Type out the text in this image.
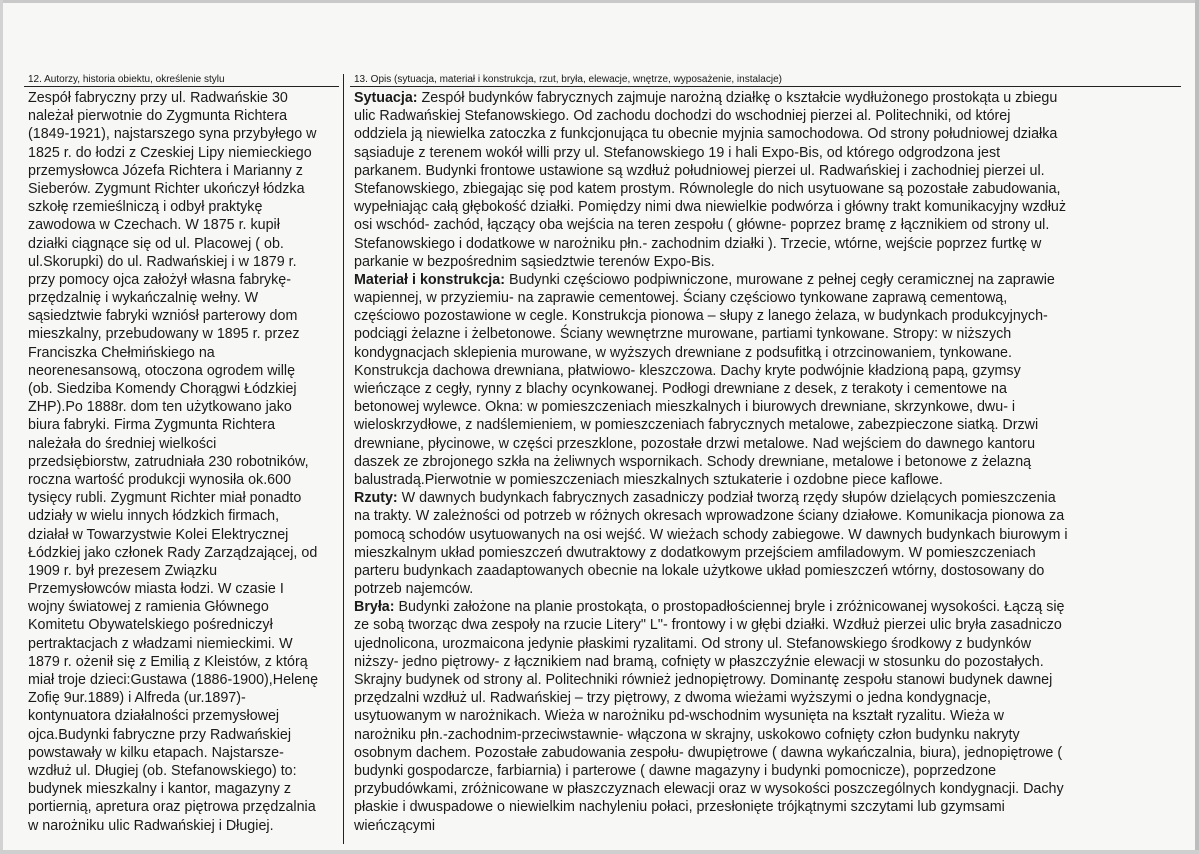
12. Autorzy, historia obiektu, określenie stylu	13. Opis (sytuacja, materiał i konstrukcja, rzut, bryła, elewacje, wnętrze, wyposażenie, instalacje)
Zespół fabryczny przy ul. Radwańskie 30
należał pierwotnie do Zygmunta Richtera
(1849-1921), najstarszego syna przybyłego w
1825 r. do łodzi z Czeskiej Lipy niemieckiego
przemysłowca Józefa Richtera i Marianny z
Sieberów. Zygmunt Richter ukończył łódzka
szkołę rzemieślniczą i odbył praktykę
zawodowa w Czechach. W 1875 r. kupił
działki ciągnące się od ul. Placowej ( ob.
ul.Skorupki) do ul. Radwańskiej i w 1879 r.
przy pomocy ojca założył własna fabrykę-
przędzalnię i wykańczalnię wełny. W
sąsiedztwie fabryki wzniósł parterowy dom
mieszkalny, przebudowany w 1895 r. przez
Franciszka Chełmińskiego na
neorenesansową, otoczona ogrodem willę
(ob. Siedziba Komendy Chorągwi Łódzkiej
ZHP).Po 1888r. dom ten użytkowano jako
biura fabryki. Firma Zygmunta Richtera
należała do średniej wielkości
przedsiębiorstw, zatrudniała 230 robotników,
roczna wartość produkcji wynosiła ok.600
tysięcy rubli. Zygmunt Richter miał ponadto
udziały w wielu innych łódzkich firmach,
działał w Towarzystwie Kolei Elektrycznej
Łódzkiej jako członek Rady Zarządzającej, od
1909 r. był prezesem Związku
Przemysłowców miasta łodzi. W czasie I
wojny światowej z ramienia Głównego
Komitetu Obywatelskiego pośredniczył
pertraktacjach z władzami niemieckimi. W
1879 r. ożenił się z Emilią z Kleistów, z którą
miał troje dzieci:Gustawa (1886-1900),Helenę
Zofię 9ur.1889) i Alfreda (ur.1897)-
kontynuatora działalności przemysłowej
ojca.Budynki fabryczne przy Radwańskiej
powstawały w kilku etapach. Najstarsze-
wzdłuż ul. Długiej (ob. Stefanowskiego) to:
budynek mieszkalny i kantor, magazyny z
portiernią, apretura oraz piętrowa przędzalnia
w narożniku ulic Radwańskiej i Długiej.
Sytuacja: Zespół budynków fabrycznych zajmuje narożną działkę o kształcie wydłużonego prostokąta u zbiegu
ulic Radwańskiej Stefanowskiego. Od zachodu dochodzi do wschodniej pierzei al. Politechniki, od której
oddziela ją niewielka zatoczka z funkcjonująca tu obecnie myjnia samochodowa. Od strony południowej działka
sąsiaduje z terenem wokół willi przy ul. Stefanowskiego 19 i hali Expo-Bis, od którego odgrodzona jest
parkanem. Budynki frontowe ustawione są wzdłuż południowej pierzei ul. Radwańskiej i zachodniej pierzei ul.
Stefanowskiego, zbiegając się pod katem prostym. Równolegle do nich usytuowane są pozostałe zabudowania,
wypełniając całą głębokość działki. Pomiędzy nimi dwa niewielkie podwórza i główny trakt komunikacyjny wzdłuż
osi wschód- zachód, łączący oba wejścia na teren zespołu ( główne- poprzez bramę z łącznikiem od strony ul.
Stefanowskiego i dodatkowe w narożniku płn.- zachodnim działki ). Trzecie, wtórne, wejście poprzez furtkę w
parkanie w bezpośrednim sąsiedztwie terenów Expo-Bis.
Materiał i konstrukcja: Budynki częściowo podpiwniczone, murowane z pełnej cegły ceramicznej na zaprawie
wapiennej, w przyziemiu- na zaprawie cementowej. Ściany częściowo tynkowane zaprawą cementową,
częściowo pozostawione w cegle. Konstrukcja pionowa – słupy z lanego żelaza, w budynkach produkcyjnych-
podciągi żelazne i żelbetonowe. Ściany wewnętrzne murowane, partiami tynkowane. Stropy: w niższych
kondygnacjach sklepienia murowane, w wyższych drewniane z podsufitką i otrzcinowaniem, tynkowane.
Konstrukcja dachowa drewniana, płatwiowo- kleszczowa. Dachy kryte podwójnie kładzioną papą, gzymsy
wieńczące z cegły, rynny z blachy ocynkowanej. Podłogi drewniane z desek, z terakoty i cementowe na
betonowej wylewce. Okna: w pomieszczeniach mieszkalnych i biurowych drewniane, skrzynkowe, dwu- i
wieloskrzydłowe, z nadślemieniem, w pomieszczeniach fabrycznych metalowe, zabezpieczone siatką. Drzwi
drewniane, płycinowe, w części przeszklone, pozostałe drzwi metalowe. Nad wejściem do dawnego kantoru
daszek ze zbrojonego szkła na żeliwnych wspornikach. Schody drewniane, metalowe i betonowe z żelazną
balustradą.Pierwotnie w pomieszczeniach mieszkalnych sztukaterie i ozdobne piece kaflowe.
Rzuty: W dawnych budynkach fabrycznych zasadniczy podział tworzą rzędy słupów dzielących pomieszczenia
na trakty. W zależności od potrzeb w różnych okresach wprowadzone ściany działowe. Komunikacja pionowa za
pomocą schodów usytuowanych na osi wejść. W wieżach schody zabiegowe. W dawnych budynkach biurowym i
mieszkalnym układ pomieszczeń dwutraktowy z dodatkowym przejściem amfiladowym. W pomieszczeniach
parteru budynkach zaadaptowanych obecnie na lokale użytkowe układ pomieszczeń wtórny, dostosowany do
potrzeb najemców.
Bryła: Budynki założone na planie prostokąta, o prostopadłościennej bryle i zróżnicowanej wysokości. Łączą się
ze sobą tworząc dwa zespoły na rzucie Litery" L"- frontowy i w głębi działki. Wzdłuż pierzei ulic bryła zasadniczo
ujednolicona, urozmaicona jedynie płaskimi ryzalitami. Od strony ul. Stefanowskiego środkowy z budynków
niższy- jedno piętrowy- z łącznikiem nad bramą, cofnięty w płaszczyźnie elewacji w stosunku do pozostałych.
Skrajny budynek od strony al. Politechniki również jednopiętrowy. Dominantę zespołu stanowi budynek dawnej
przędzalni wzdłuż ul. Radwańskiej – trzy piętrowy, z dwoma wieżami wyższymi o jedna kondygnacje,
usytuowanym w narożnikach. Wieża w narożniku pd-wschodnim wysunięta na kształt ryzalitu. Wieża w
narożniku płn.-zachodnim-przeciwstawnie- włączona w skrajny, uskokowo cofnięty człon budynku nakryty
osobnym dachem. Pozostałe zabudowania zespołu- dwupiętrowe ( dawna wykańczalnia, biura), jednopiętrowe (
budynki gospodarcze, farbiarnia) i parterowe ( dawne magazyny i budynki pomocnicze), poprzedzone
przybudówkami, zróżnicowane w płaszczyznach elewacji oraz w wysokości poszczególnych kondygnacji. Dachy
płaskie i dwuspadowe o niewielkim nachyleniu połaci, przesłonięte trójkątnymi szczytami lub gzymsami
wieńczącymi
